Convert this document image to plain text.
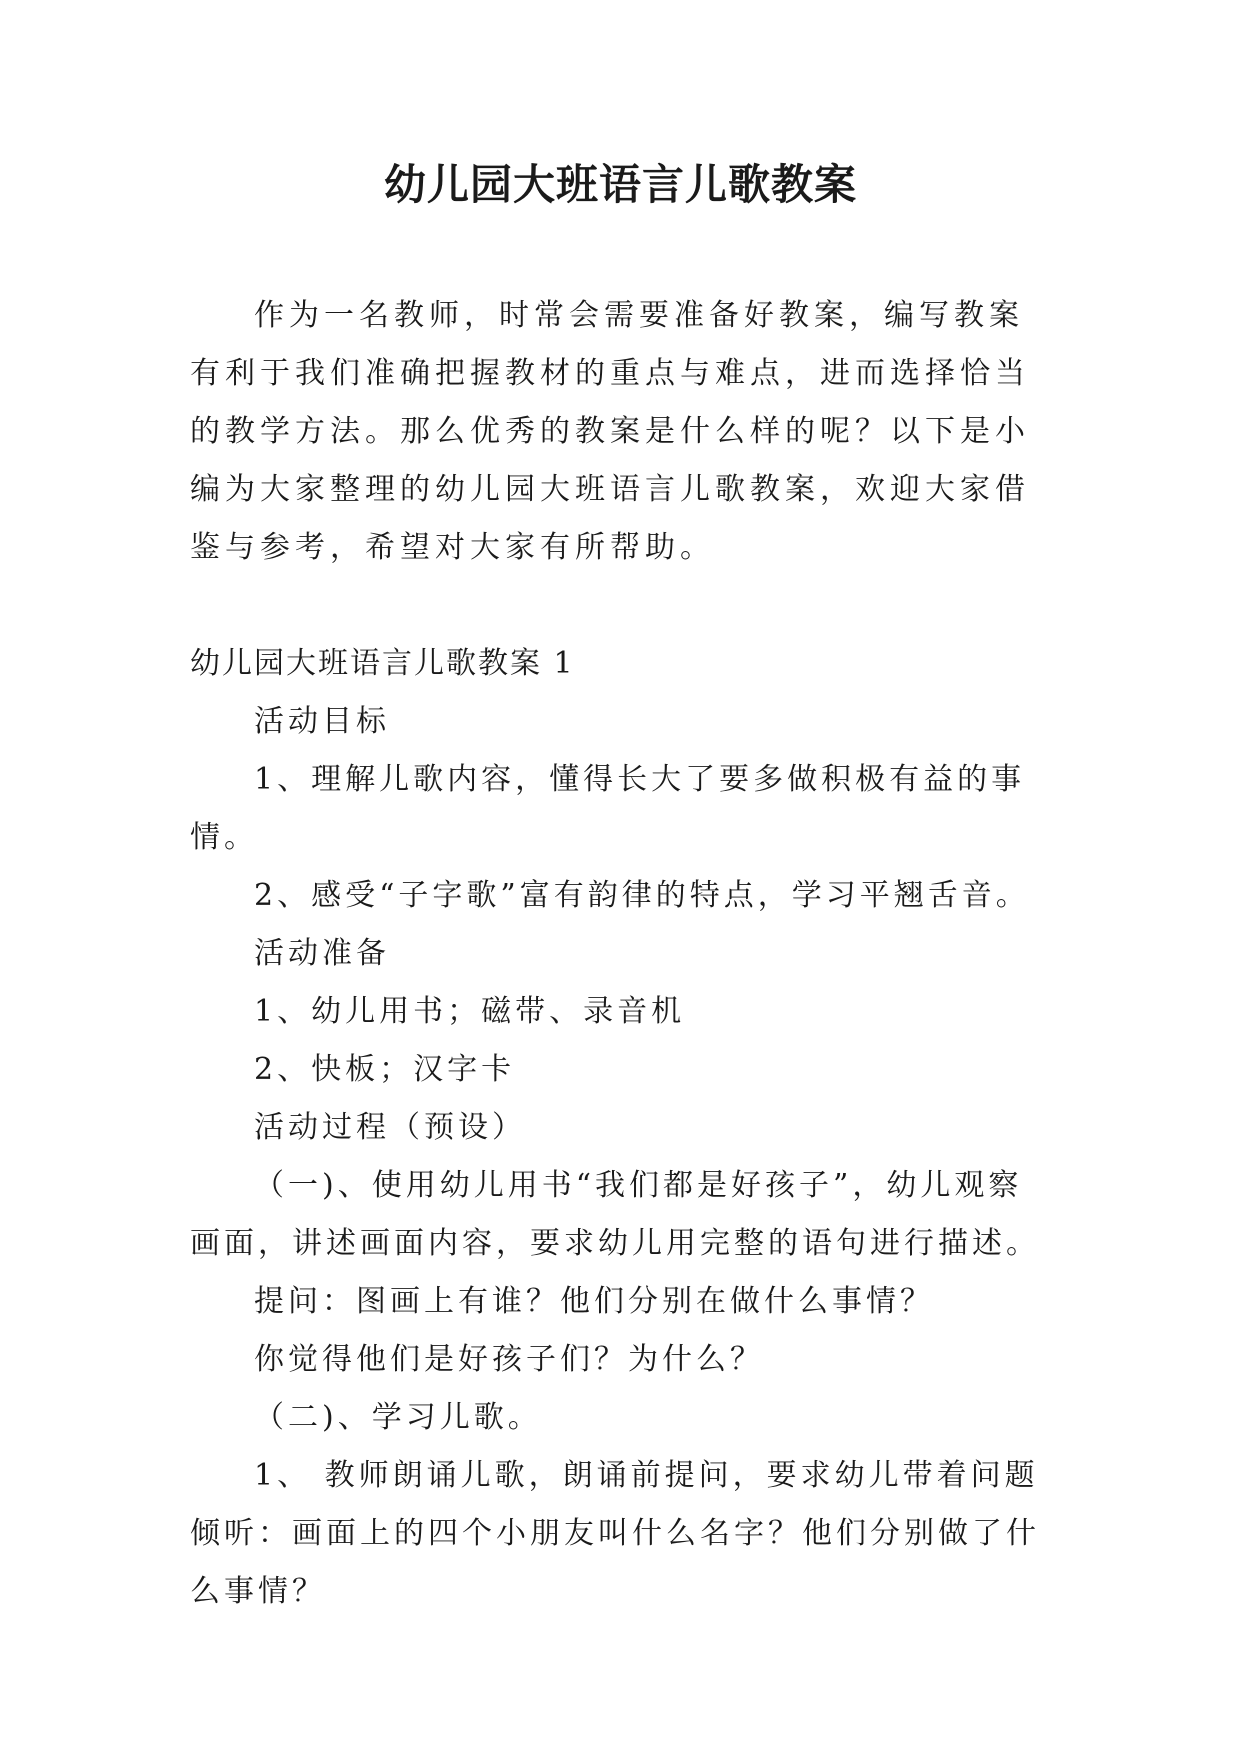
幼儿园大班语言儿歌教案

作为一名教师，时常会需要准备好教案，编写教案有利于我们准确把握教材的重点与难点，进而选择恰当的教学方法。那么优秀的教案是什么样的呢？以下是小编为大家整理的幼儿园大班语言儿歌教案，欢迎大家借鉴与参考，希望对大家有所帮助。

幼儿园大班语言儿歌教案 1

活动目标

1、理解儿歌内容，懂得长大了要多做积极有益的事情。

2、感受“子字歌”富有韵律的特点，学习平翘舌音。

活动准备

1、幼儿用书；磁带、录音机

2、快板；汉字卡

活动过程（预设）

（一)、使用幼儿用书“我们都是好孩子”，幼儿观察画面，讲述画面内容，要求幼儿用完整的语句进行描述。

提问：图画上有谁？他们分别在做什么事情？

你觉得他们是好孩子们？为什么？

（二)、学习儿歌。

1、 教师朗诵儿歌，朗诵前提问，要求幼儿带着问题倾听：画面上的四个小朋友叫什么名字？他们分别做了什么事情？
